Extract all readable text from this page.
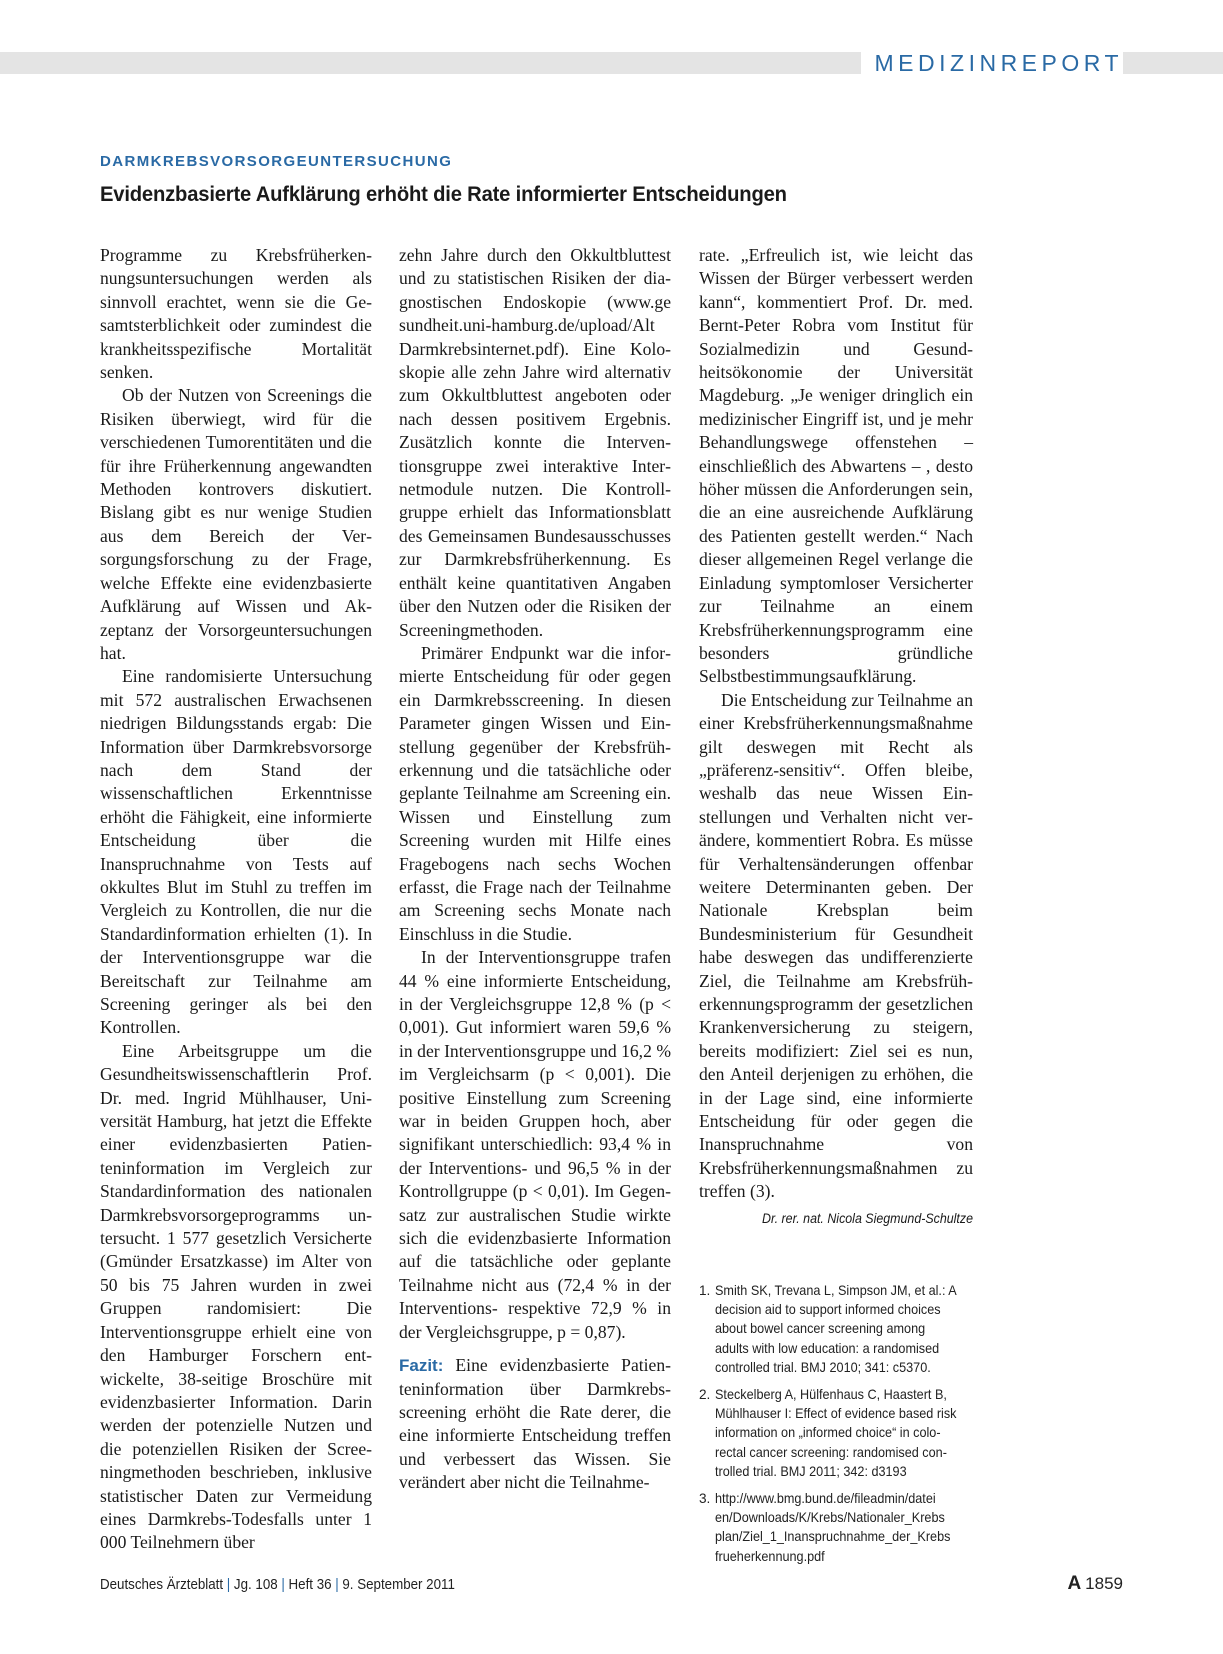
MEDIZINREPORT
DARMKREBSVORSORGEUNTERSUCHUNG
Evidenzbasierte Aufklärung erhöht die Rate informierter Entscheidungen

Programme zu Krebsfrüherkennungsuntersuchungen werden als sinnvoll erachtet, wenn sie die Gesamtsterblichkeit oder zumindest die krankheitsspezifische Mortalität senken.

Ob der Nutzen von Screenings die Risiken überwiegt, wird für die verschiedenen Tumorentitäten und die für ihre Früherkennung angewandten Methoden kontrovers diskutiert. Bislang gibt es nur wenige Studien aus dem Bereich der Versorgungsforschung zu der Frage, welche Effekte eine evidenzbasierte Aufklärung auf Wissen und Akzeptanz der Vorsorgeuntersuchungen hat.

Eine randomisierte Untersuchung mit 572 australischen Erwachsenen niedrigen Bildungsstands ergab: Die Information über Darmkrebsvorsorge nach dem Stand der wissenschaftlichen Erkenntnisse erhöht die Fähigkeit, eine informierte Entscheidung über die Inanspruchnahme von Tests auf okkultes Blut im Stuhl zu treffen im Vergleich zu Kontrollen, die nur die Standardinformation erhielten (1). In der Interventionsgruppe war die Bereitschaft zur Teilnahme am Screening geringer als bei den Kontrollen.

Eine Arbeitsgruppe um die Gesundheitswissenschaftlerin Prof. Dr. med. Ingrid Mühlhauser, Universität Hamburg, hat jetzt die Effekte einer evidenzbasierten Patienteninformation im Vergleich zur Standardinformation des nationalen Darmkrebsvorsorgeprogramms untersucht. 1 577 gesetzlich Versicherte (Gmünder Ersatzkasse) im Alter von 50 bis 75 Jahren wurden in zwei Gruppen randomisiert: Die Interventionsgruppe erhielt eine von den Hamburger Forschern entwickelte, 38-seitige Broschüre mit evidenzbasierter Information. Darin werden der potenzielle Nutzen und die potenziellen Risiken der Screeningmethoden beschrieben, inklusive statistischer Daten zur Vermeidung eines Darmkrebs-Todesfalls unter 1 000 Teilnehmern über

zehn Jahre durch den Okkultbluttest und zu statistischen Risiken der diagnostischen Endoskopie (www.ge sundheit.uni-hamburg.de/upload/Alt Darmkrebsinternet.pdf). Eine Koloskopie alle zehn Jahre wird alternativ zum Okkultbluttest angeboten oder nach dessen positivem Ergebnis. Zusätzlich konnte die Interventionsgruppe zwei interaktive Internetmodule nutzen. Die Kontrollgruppe erhielt das Informationsblatt des Gemeinsamen Bundesausschusses zur Darmkrebsfrüherkennung. Es enthält keine quantitativen Angaben über den Nutzen oder die Risiken der Screeningmethoden.

Primärer Endpunkt war die informierte Entscheidung für oder gegen ein Darmkrebsscreening. In diesen Parameter gingen Wissen und Einstellung gegenüber der Krebsfrüherkennung und die tatsächliche oder geplante Teilnahme am Screening ein. Wissen und Einstellung zum Screening wurden mit Hilfe eines Fragebogens nach sechs Wochen erfasst, die Frage nach der Teilnahme am Screening sechs Monate nach Einschluss in die Studie.

In der Interventionsgruppe trafen 44 % eine informierte Entscheidung, in der Vergleichsgruppe 12,8 % (p < 0,001). Gut informiert waren 59,6 % in der Interventionsgruppe und 16,2 % im Vergleichsarm (p < 0,001). Die positive Einstellung zum Screening war in beiden Gruppen hoch, aber signifikant unterschiedlich: 93,4 % in der Interventions- und 96,5 % in der Kontrollgruppe (p < 0,01). Im Gegensatz zur australischen Studie wirkte sich die evidenzbasierte Information auf die tatsächliche oder geplante Teilnahme nicht aus (72,4 % in der Interventions- respektive 72,9 % in der Vergleichsgruppe, p = 0,87).

Fazit: Eine evidenzbasierte Patienteninformation über Darmkrebsscreening erhöht die Rate derer, die eine informierte Entscheidung treffen und verbessert das Wissen. Sie verändert aber nicht die Teilnahme-

rate. „Erfreulich ist, wie leicht das Wissen der Bürger verbessert werden kann“, kommentiert Prof. Dr. med. Bernt-Peter Robra vom Institut für Sozialmedizin und Gesundheitsökonomie der Universität Magdeburg. „Je weniger dringlich ein medizinischer Eingriff ist, und je mehr Behandlungswege offenstehen – einschließlich des Abwartens – , desto höher müssen die Anforderungen sein, die an eine ausreichende Aufklärung des Patienten gestellt werden.“ Nach dieser allgemeinen Regel verlange die Einladung symptomloser Versicherter zur Teilnahme an einem Krebsfrüherkennungsprogramm eine besonders gründliche Selbstbestimmungsaufklärung.

Die Entscheidung zur Teilnahme an einer Krebsfrüherkennungsmaßnahme gilt deswegen mit Recht als „präferenz-sensitiv“. Offen bleibe, weshalb das neue Wissen Einstellungen und Verhalten nicht verändere, kommentiert Robra. Es müsse für Verhaltensänderungen offenbar weitere Determinanten geben. Der Nationale Krebsplan beim Bundesministerium für Gesundheit habe deswegen das undifferenzierte Ziel, die Teilnahme am Krebsfrüherkennungsprogramm der gesetzlichen Krankenversicherung zu steigern, bereits modifiziert: Ziel sei es nun, den Anteil derjenigen zu erhöhen, die in der Lage sind, eine informierte Entscheidung für oder gegen die Inanspruchnahme von Krebsfrüherkennungsmaßnahmen zu treffen (3).

Dr. rer. nat. Nicola Siegmund-Schultze
1. Smith SK, Trevana L, Simpson JM, et al.: A decision aid to support informed choices about bowel cancer screening among adults with low education: a randomised controlled trial. BMJ 2010; 341: c5370.
2. Steckelberg A, Hülfenhaus C, Haastert B, Mühlhauser I: Effect of evidence based risk information on „informed choice“ in colorectal cancer screening: randomised controlled trial. BMJ 2011; 342: d3193
3. http://www.bmg.bund.de/fileadmin/datei en/Downloads/K/Krebs/Nationaler_Krebs plan/Ziel_1_Inanspruchnahme_der_Krebs frueherkennung.pdf
Deutsches Ärzteblatt | Jg. 108 | Heft 36 | 9. September 2011	A 1859
